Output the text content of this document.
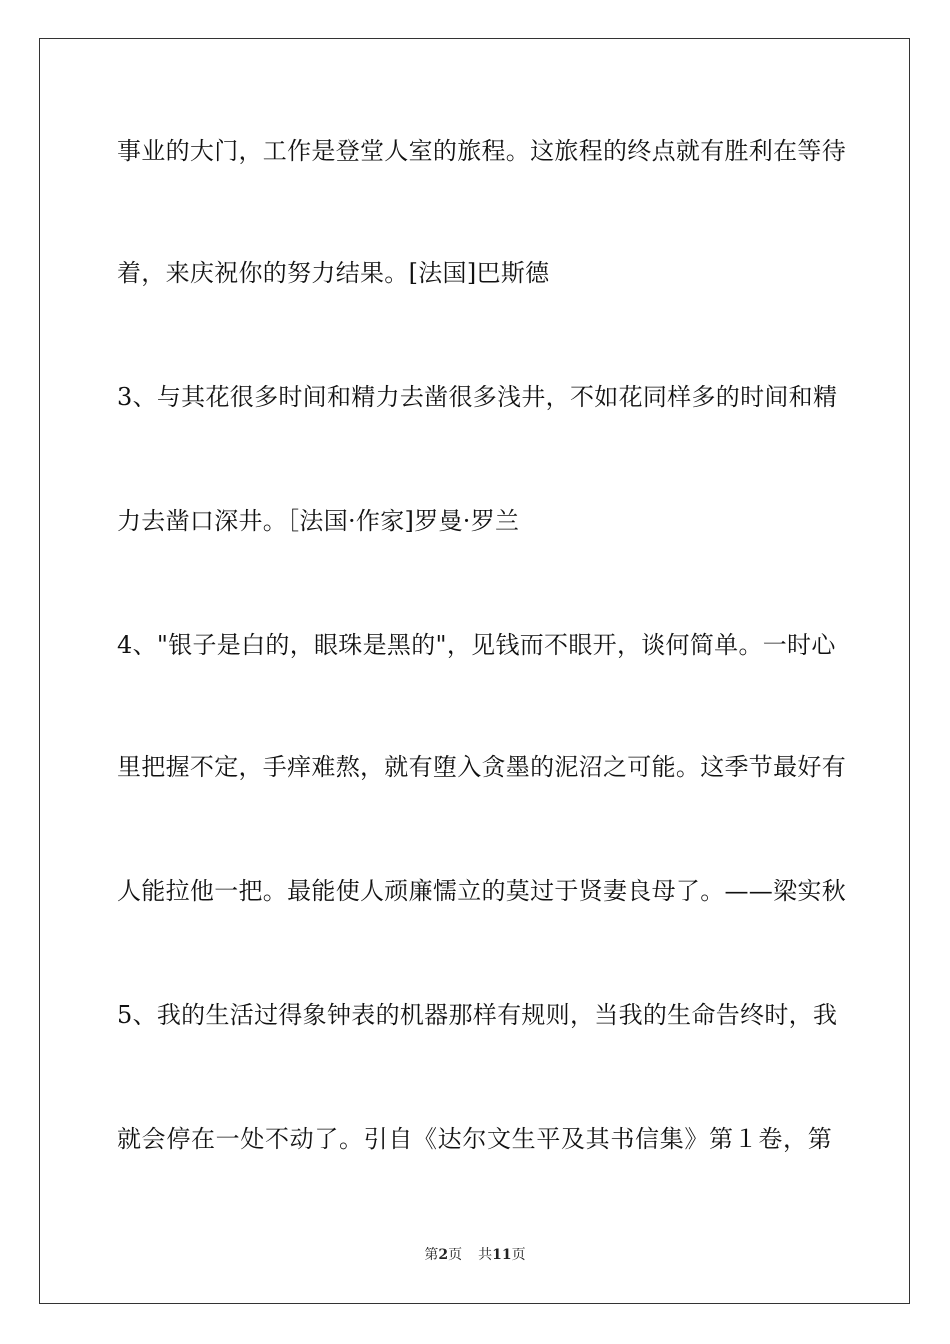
事业的大门，工作是登堂人室的旅程。这旅程的终点就有胜利在等待
着，来庆祝你的努力结果。[法国]巴斯德
3、与其花很多时间和精力去凿很多浅井，不如花同样多的时间和精
力去凿口深井。［法国·作家]罗曼·罗兰
4、"银子是白的，眼珠是黑的"，见钱而不眼开，谈何简单。一时心
里把握不定，手痒难熬，就有堕入贪墨的泥沼之可能。这季节最好有
人能拉他一把。最能使人顽廉懦立的莫过于贤妻良母了。——梁实秋
5、我的生活过得象钟表的机器那样有规则，当我的生命告终时，我
就会停在一处不动了。引自《达尔文生平及其书信集》第１卷，第
第2页 共11页
